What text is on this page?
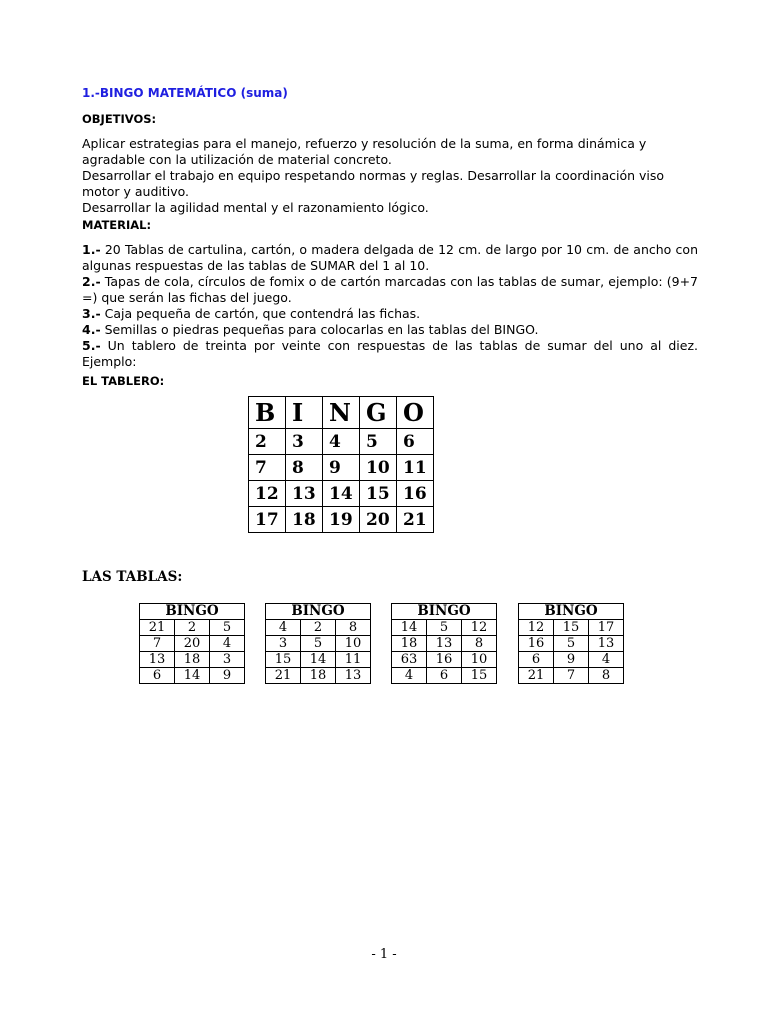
1.-BINGO MATEMÁTICO (suma)
OBJETIVOS:

Aplicar estrategias para el manejo, refuerzo y resolución de la suma, en forma dinámica y agradable con la utilización de material concreto.

Desarrollar el trabajo en equipo respetando normas y reglas. Desarrollar la coordinación viso motor y auditivo.

Desarrollar la agilidad mental y el razonamiento lógico.

MATERIAL:

1.- 20 Tablas de cartulina, cartón, o madera delgada de 12 cm. de largo por 10 cm. de ancho con algunas respuestas de las tablas de SUMAR del 1 al 10.

2.- Tapas de cola, círculos de fomix o de cartón marcadas con las tablas de sumar, ejemplo: (9+7 =) que serán las fichas del juego.

3.- Caja pequeña de cartón, que contendrá las fichas.

4.- Semillas o piedras pequeñas para colocarlas en las tablas del BINGO.

5.- Un tablero de treinta por veinte con respuestas de las tablas de sumar del uno al diez. Ejemplo:

EL TABLERO:
B	I	N	G	O
2	3	4	5	6
7	8	9	10	11
12	13	14	15	16
17	18	19	20	21
LAS TABLAS:
BINGO		
21	2	5
7	20	4
13	18	3
6	14	9
BINGO		
4	2	8
3	5	10
15	14	11
21	18	13
BINGO		
14	5	12
18	13	8
63	16	10
4	6	15
BINGO		
12	15	17
16	5	13
6	9	4
21	7	8
- 1 -
